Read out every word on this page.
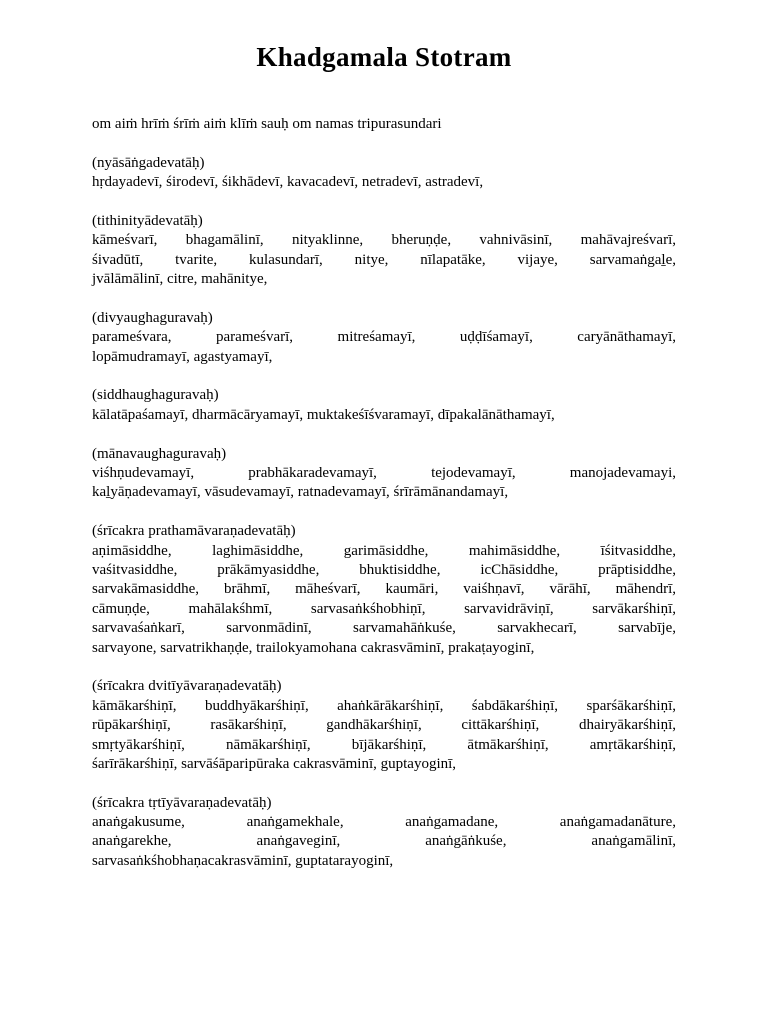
Khadgamala Stotram
om aiṁ hrīṁ śrīṁ aiṁ klīṁ sauḥ om namas tripurasundari
(nyāsāṅgadevatāḥ)
hṛdayadevī, śirodevī, śikhādevī, kavacadevī, netradevī, astradevī,
(tithinityādevatāḥ)
kāmeśvarī, bhagamālinī, nityaklinne, bheruṇḍe, vahnivāsinī, mahāvajreśvarī,
śivadūtī, tvarite, kulasundarī, nitye, nīlapatāke, vijaye, sarvamaṅgaḻe,
jvālāmālinī, citre, mahānitye,
(divyaughaguravaḥ)
parameśvara, parameśvarī, mitreśamayī, uḍḍīśamayī, caryānāthamayī,
lopāmudramayī, agastyamayī,
(siddhaughaguravaḥ)
kālatāpaśamayī, dharmācāryamayī, muktakeśīśvaramayī, dīpakalānāthamayī,
(mānavaughaguravaḥ)
viśhṇudevamayī, prabhākaradevamayī, tejodevamayī, manojadevamayi,
kaḻyāṇadevamayī, vāsudevamayī, ratnadevamayī, śrīrāmānandamayī,
(śrīcakra prathamāvaraṇadevatāḥ)
aṇimāsiddhe, laghimāsiddhe, garimāsiddhe, mahimāsiddhe, īśitvasiddhe,
vaśitvasiddhe, prākāmyasiddhe, bhuktisiddhe, icChāsiddhe, prāptisiddhe,
sarvakāmasiddhe, brāhmī, māheśvarī, kaumāri, vaiśhṇavī, vārāhī, māhendrī,
cāmuṇḍe, mahālakśhmī, sarvasaṅkśhobhiṇī, sarvavidrāviṇī, sarvākarśhiṇī,
sarvavaśaṅkarī, sarvonmādinī, sarvamahāṅkuśe, sarvakhecarī, sarvabīje,
sarvayone, sarvatrikhaṇḍe, trailokyamohana cakrasvāminī, prakaṭayoginī,
(śrīcakra dvitīyāvaraṇadevatāḥ)
kāmākarśhiṇī, buddhyākarśhiṇī, ahaṅkārākarśhiṇī, śabdākarśhiṇī, sparśākarśhiṇī,
rūpākarśhiṇī, rasākarśhiṇī, gandhākarśhiṇī, cittākarśhiṇī, dhairyākarśhiṇī,
smṛtyākarśhiṇī, nāmākarśhiṇī, bījākarśhiṇī, ātmākarśhiṇī, amṛtākarśhiṇī,
śarīrākarśhiṇī, sarvāśāparipūraka cakrasvāminī, guptayoginī,
(śrīcakra tṛtīyāvaraṇadevatāḥ)
anaṅgakusume, anaṅgamekhale, anaṅgamadane, anaṅgamadanāture,
anaṅgarekhe, anaṅgaveginī, anaṅgāṅkuśe, anaṅgamālinī,
sarvasaṅkśhobhaṇacakrasvāminī, guptatarayoginī,
